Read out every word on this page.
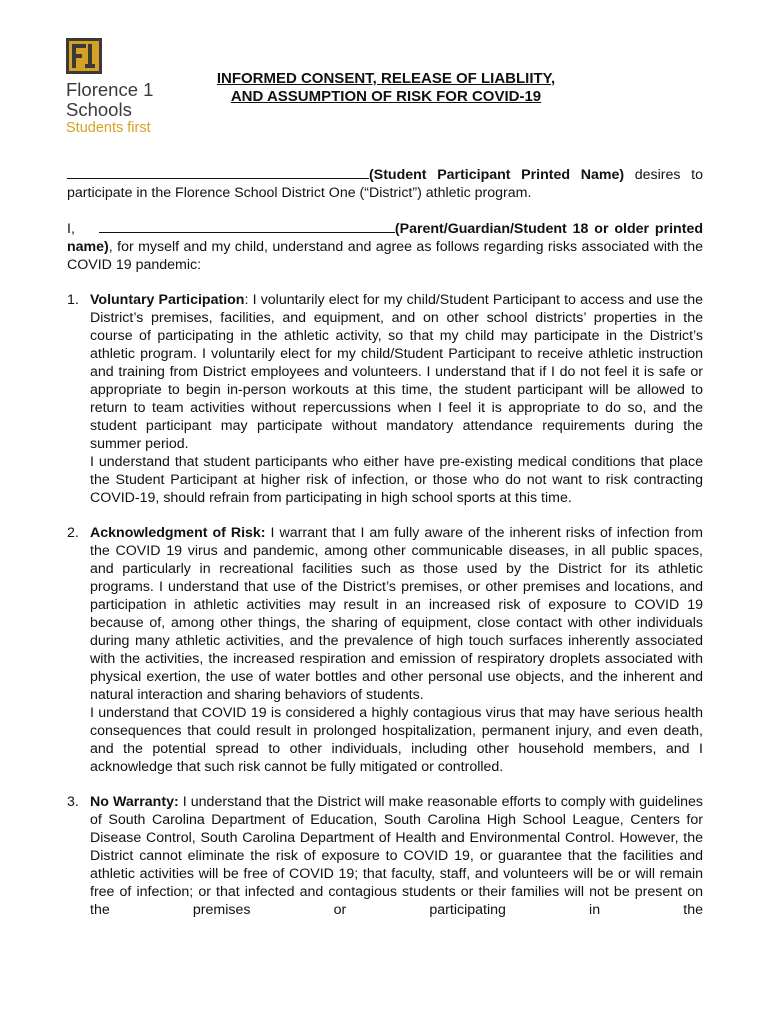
Florence 1
Schools
Students first
INFORMED CONSENT, RELEASE OF LIABLIITY,
AND ASSUMPTION OF RISK FOR COVID-19

(Student Participant Printed Name) desires to participate in the Florence School District One (“District”) athletic program.

I,	(Parent/Guardian/Student 18 or older printed name), for myself and my child, understand and agree as follows regarding risks associated with the COVID 19 pandemic:

1. Voluntary Participation: I voluntarily elect for my child/Student Participant to access and use the District’s premises, facilities, and equipment, and on other school districts’ properties in the course of participating in the athletic activity, so that my child may participate in the District’s athletic program. I voluntarily elect for my child/Student Participant to receive athletic instruction and training from District employees and volunteers. I understand that if I do not feel it is safe or appropriate to begin in-person workouts at this time, the student participant will be allowed to return to team activities without repercussions when I feel it is appropriate to do so, and the student participant may participate without mandatory attendance requirements during the summer period.

I understand that student participants who either have pre-existing medical conditions that place the Student Participant at higher risk of infection, or those who do not want to risk contracting COVID-19, should refrain from participating in high school sports at this time.

2. Acknowledgment of Risk: I warrant that I am fully aware of the inherent risks of infection from the COVID 19 virus and pandemic, among other communicable diseases, in all public spaces, and particularly in recreational facilities such as those used by the District for its athletic programs. I understand that use of the District’s premises, or other premises and locations, and participation in athletic activities may result in an increased risk of exposure to COVID 19 because of, among other things, the sharing of equipment, close contact with other individuals during many athletic activities, and the prevalence of high touch surfaces inherently associated with the activities, the increased respiration and emission of respiratory droplets associated with physical exertion, the use of water bottles and other personal use objects, and the inherent and natural interaction and sharing behaviors of students.

I understand that COVID 19 is considered a highly contagious virus that may have serious health consequences that could result in prolonged hospitalization, permanent injury, and even death, and the potential spread to other individuals, including other household members, and I acknowledge that such risk cannot be fully mitigated or controlled.

3. No Warranty: I understand that the District will make reasonable efforts to comply with guidelines of South Carolina Department of Education, South Carolina High School League, Centers for Disease Control, South Carolina Department of Health and Environmental Control. However, the District cannot eliminate the risk of exposure to COVID 19, or guarantee that the facilities and athletic activities will be free of COVID 19; that faculty, staff, and volunteers will be or will remain free of infection; or that infected and contagious students or their families will not be present on the premises or participating in the
